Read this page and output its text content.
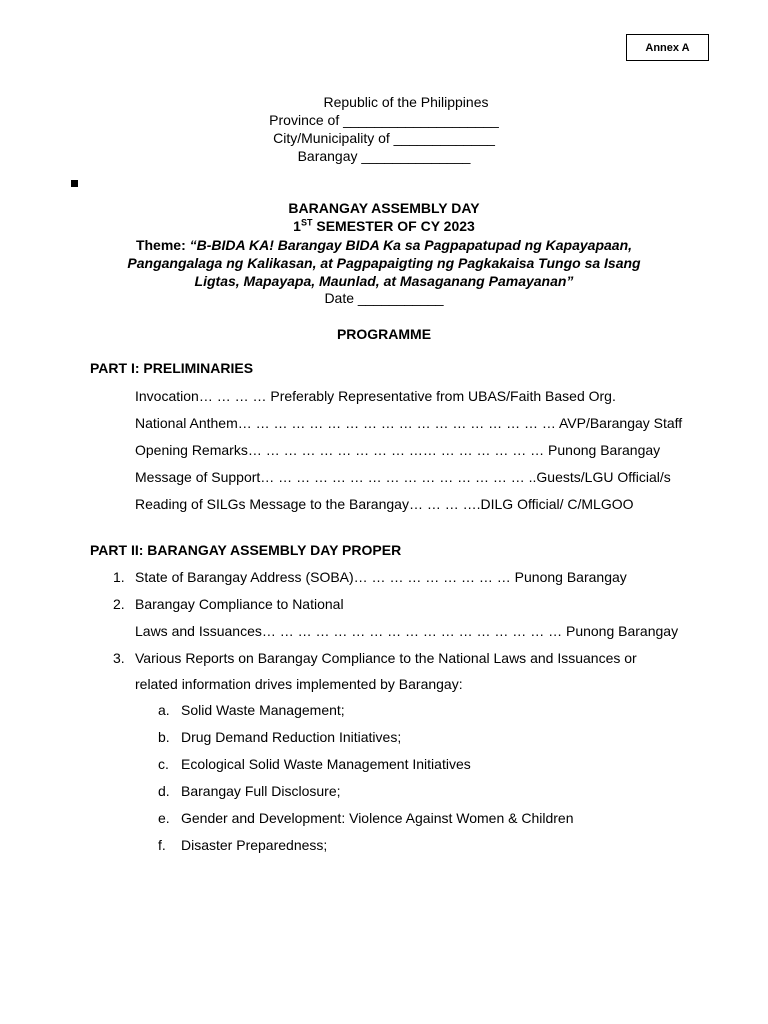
Annex A
Republic of the Philippines
Province of ____________________
City/Municipality of _____________
Barangay ______________
BARANGAY ASSEMBLY DAY
1ST SEMESTER OF CY 2023
Theme: “B-BIDA KA! Barangay BIDA Ka sa Pagpapatupad ng Kapayapaan,
Pangangalaga ng Kalikasan, at Pagpapaigting ng Pagkakaisa Tungo sa Isang
Ligtas, Mapayapa, Maunlad, at Masaganang Pamayanan”
Date ___________
PROGRAMME
PART I: PRELIMINARIES
Invocation… … … … Preferably Representative from UBAS/Faith Based Org.
National Anthem… … … … … … … … … … … … … … … … … … AVP/Barangay Staff
Opening Remarks… … … … … … … … … …… … … … … … … Punong Barangay
Message of Support… … … … … … … … … … … … … … … ..Guests/LGU Official/s
Reading of SILGs Message to the Barangay… … … ….DILG Official/ C/MLGOO
PART II: BARANGAY ASSEMBLY DAY PROPER
1. State of Barangay Address (SOBA)… … … … … … … … … Punong Barangay
2. Barangay Compliance to National
Laws and Issuances… … … … … … … … … … … … … … … … … Punong Barangay
3. Various Reports on Barangay Compliance to the National Laws and Issuances or
related information drives implemented by Barangay:
a. Solid Waste Management;
b. Drug Demand Reduction Initiatives;
c. Ecological Solid Waste Management Initiatives
d. Barangay Full Disclosure;
e. Gender and Development: Violence Against Women & Children
f. Disaster Preparedness;
